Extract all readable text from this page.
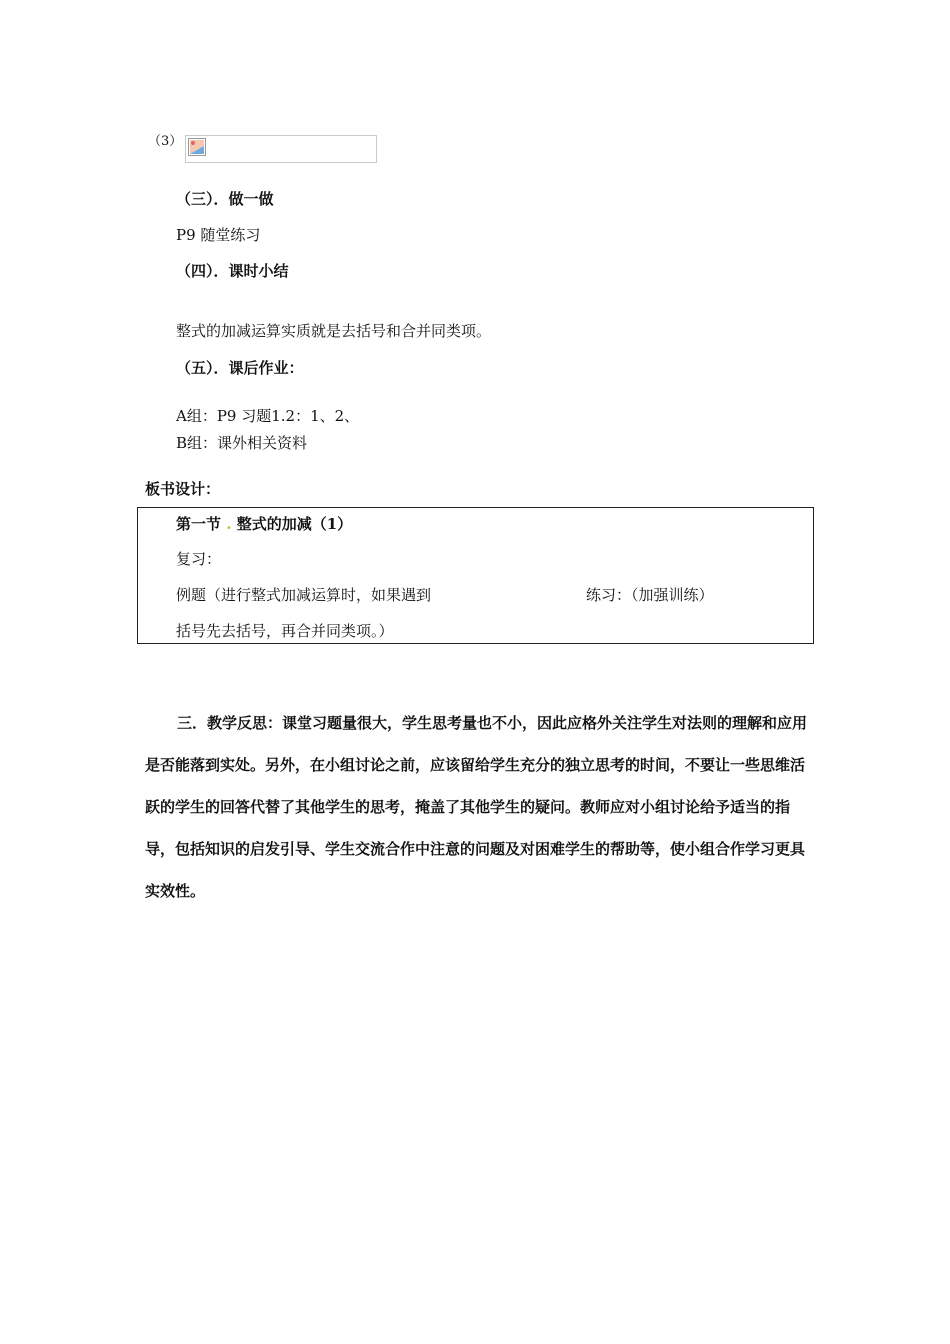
（3）
（三）．做一做
P9 随堂练习
（四）．课时小结
整式的加减运算实质就是去括号和合并同类项。
（五）．课后作业：
A组：P9 习题1.2：1、2、
B组：课外相关资料
板书设计：
第一节 . 整式的加减（1）
复习：
例题（进行整式加减运算时，如果遇到	练习：（加强训练）
括号先去括号，再合并同类项。）
三．教学反思：课堂习题量很大，学生思考量也不小，因此应格外关注学生对法则的理解和应用是否能落到实处。另外，在小组讨论之前，应该留给学生充分的独立思考的时间，不要让一些思维活跃的学生的回答代替了其他学生的思考，掩盖了其他学生的疑问。教师应对小组讨论给予适当的指导，包括知识的启发引导、学生交流合作中注意的问题及对困难学生的帮助等，使小组合作学习更具实效性。
